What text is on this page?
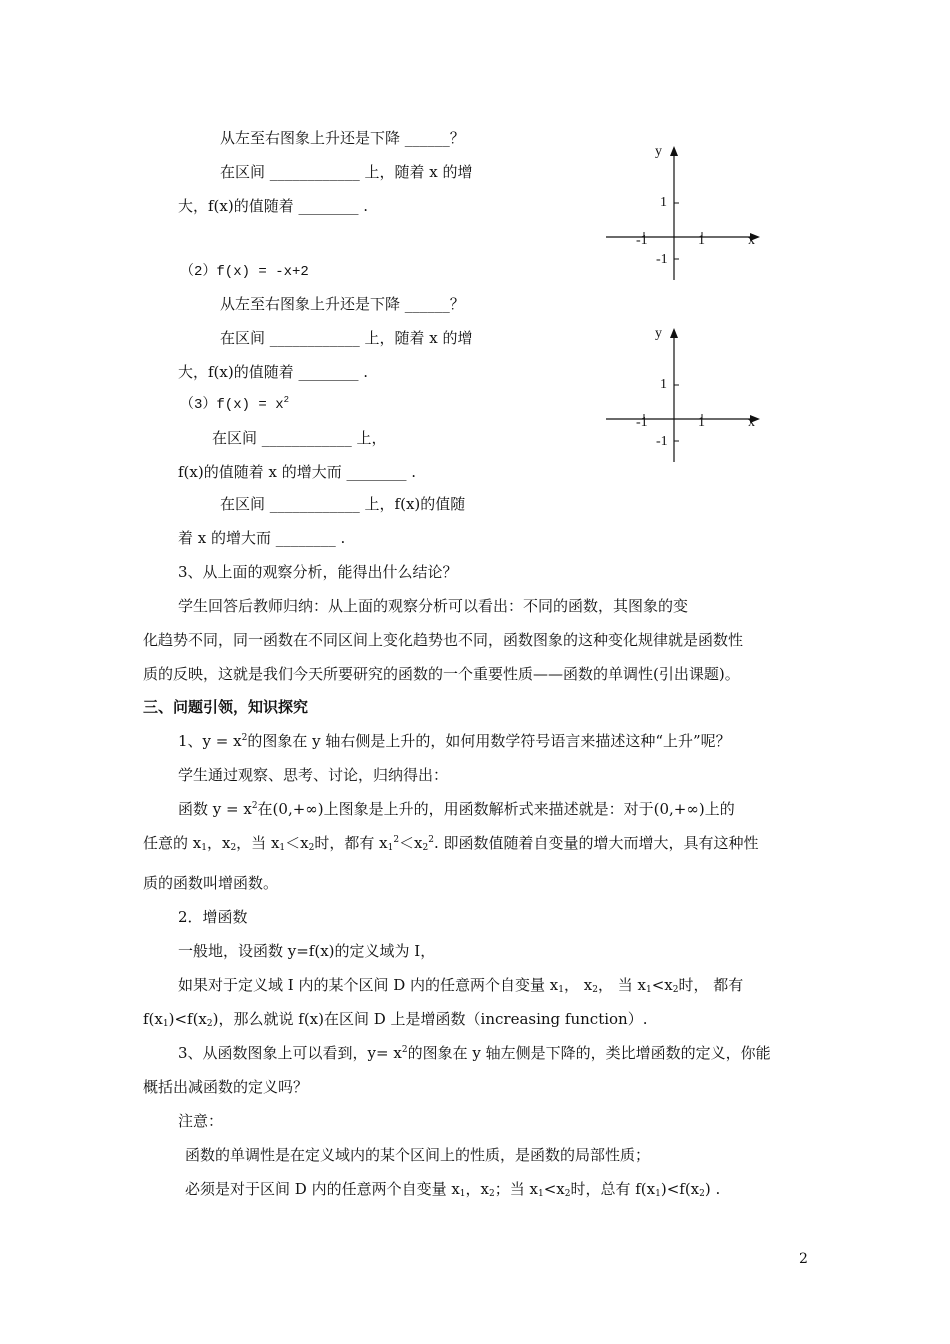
从左至右图象上升还是下降 ______？
在区间 ____________ 上，随着 x 的增
大，f(x)的值随着 ________ .
y
1
-1	1	x
-1
（2）f(x) = -x+2
从左至右图象上升还是下降 ______？
在区间 ____________ 上，随着 x 的增
大，f(x)的值随着 ________ .
y
1
-1	1	x
-1
$(3)f(x) = x^2$
在区间 ____________ 上，
f(x)的值随着 x 的增大而 ________ .
在区间 ____________ 上，f(x)的值随
着 x 的增大而 ________ .
3、从上面的观察分析，能得出什么结论？
学生回答后教师归纳：从上面的观察分析可以看出：不同的函数，其图象的变
化趋势不同，同一函数在不同区间上变化趋势也不同，函数图象的这种变化规律就是函数性
质的反映，这就是我们今天所要研究的函数的一个重要性质——函数的单调性(引出课题)。
三、问题引领，知识探究
1、$y = x^2$的图象在 y 轴右侧是上升的，如何用数学符号语言来描述这种“上升”呢？
学生通过观察、思考、讨论，归纳得出：
函数 $y = x^2$在(0,+∞)上图象是上升的，用函数解析式来描述就是：对于(0,+∞)上的
任意的 $x_1$，$x_2$，当 $x_1<x_2$时，都有 $x_1^2<x_2^2$. 即函数值随着自变量的增大而增大，具有这种性
质的函数叫增函数。
2．增函数
一般地，设函数 y=f(x)的定义域为 I，
如果对于定义域 I 内的某个区间 D 内的任意两个自变量 $x_1$， $x_2$， 当 $x_1<x_2$时， 都有
$f(x_1)<f(x_2)$，那么就说 f(x)在区间 D 上是增函数（increasing function）.
3、从函数图象上可以看到，$y= x^2$的图象在 y 轴左侧是下降的，类比增函数的定义，你能
概括出减函数的定义吗？
注意：
函数的单调性是在定义域内的某个区间上的性质，是函数的局部性质；
必须是对于区间 D 内的任意两个自变量 $x_1$，$x_2$；当 $x_1<x_2$时，总有 $f(x_1)<f(x_2)$ .
2
